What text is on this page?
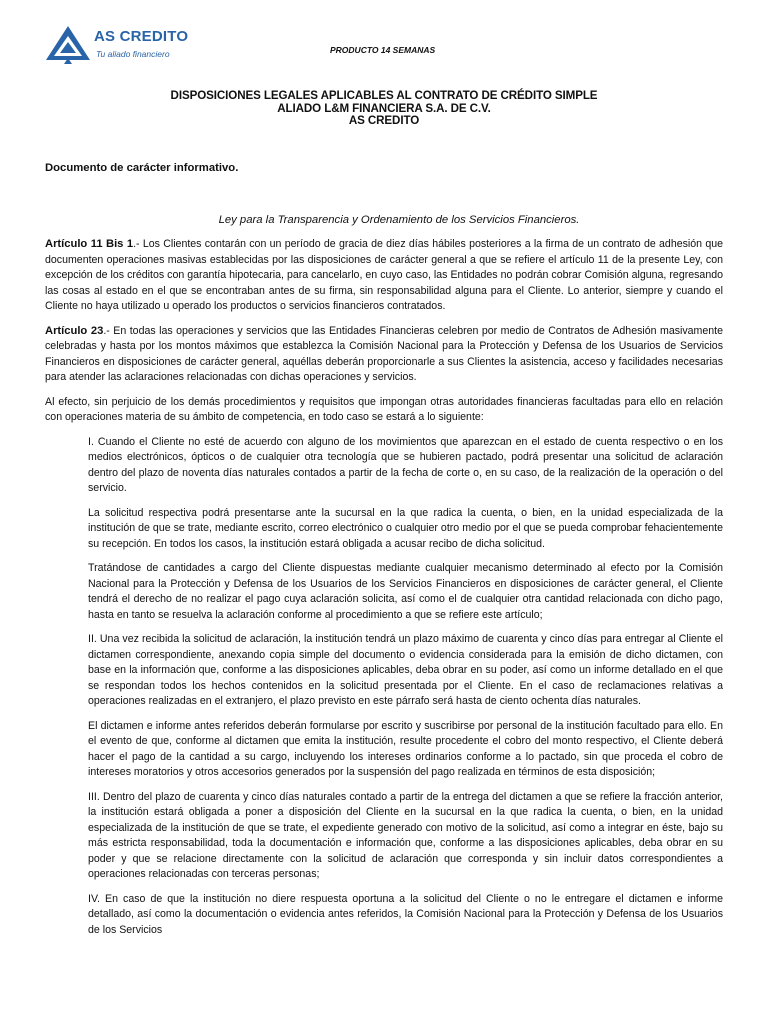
AS CREDITO
Tu aliado financiero	PRODUCTO 14 SEMANAS
DISPOSICIONES LEGALES APLICABLES AL CONTRATO DE CRÉDITO SIMPLE
ALIADO L&M FINANCIERA S.A. DE C.V.
AS CREDITO
Documento de carácter informativo.
Ley para la Transparencia y Ordenamiento de los Servicios Financieros.

Artículo 11 Bis 1.- Los Clientes contarán con un período de gracia de diez días hábiles posteriores a la firma de un contrato de adhesión que documenten operaciones masivas establecidas por las disposiciones de carácter general a que se refiere el artículo 11 de la presente Ley, con excepción de los créditos con garantía hipotecaria, para cancelarlo, en cuyo caso, las Entidades no podrán cobrar Comisión alguna, regresando las cosas al estado en el que se encontraban antes de su firma, sin responsabilidad alguna para el Cliente. Lo anterior, siempre y cuando el Cliente no haya utilizado u operado los productos o servicios financieros contratados.

Artículo 23.- En todas las operaciones y servicios que las Entidades Financieras celebren por medio de Contratos de Adhesión masivamente celebradas y hasta por los montos máximos que establezca la Comisión Nacional para la Protección y Defensa de los Usuarios de Servicios Financieros en disposiciones de carácter general, aquéllas deberán proporcionarle a sus Clientes la asistencia, acceso y facilidades necesarias para atender las aclaraciones relacionadas con dichas operaciones y servicios.

Al efecto, sin perjuicio de los demás procedimientos y requisitos que impongan otras autoridades financieras facultadas para ello en relación con operaciones materia de su ámbito de competencia, en todo caso se estará a lo siguiente:

I. Cuando el Cliente no esté de acuerdo con alguno de los movimientos que aparezcan en el estado de cuenta respectivo o en los medios electrónicos, ópticos o de cualquier otra tecnología que se hubieren pactado, podrá presentar una solicitud de aclaración dentro del plazo de noventa días naturales contados a partir de la fecha de corte o, en su caso, de la realización de la operación o del servicio.

La solicitud respectiva podrá presentarse ante la sucursal en la que radica la cuenta, o bien, en la unidad especializada de la institución de que se trate, mediante escrito, correo electrónico o cualquier otro medio por el que se pueda comprobar fehacientemente su recepción. En todos los casos, la institución estará obligada a acusar recibo de dicha solicitud.

Tratándose de cantidades a cargo del Cliente dispuestas mediante cualquier mecanismo determinado al efecto por la Comisión Nacional para la Protección y Defensa de los Usuarios de los Servicios Financieros en disposiciones de carácter general, el Cliente tendrá el derecho de no realizar el pago cuya aclaración solicita, así como el de cualquier otra cantidad relacionada con dicho pago, hasta en tanto se resuelva la aclaración conforme al procedimiento a que se refiere este artículo;

II. Una vez recibida la solicitud de aclaración, la institución tendrá un plazo máximo de cuarenta y cinco días para entregar al Cliente el dictamen correspondiente, anexando copia simple del documento o evidencia considerada para la emisión de dicho dictamen, con base en la información que, conforme a las disposiciones aplicables, deba obrar en su poder, así como un informe detallado en el que se respondan todos los hechos contenidos en la solicitud presentada por el Cliente. En el caso de reclamaciones relativas a operaciones realizadas en el extranjero, el plazo previsto en este párrafo será hasta de ciento ochenta días naturales.

El dictamen e informe antes referidos deberán formularse por escrito y suscribirse por personal de la institución facultado para ello. En el evento de que, conforme al dictamen que emita la institución, resulte procedente el cobro del monto respectivo, el Cliente deberá hacer el pago de la cantidad a su cargo, incluyendo los intereses ordinarios conforme a lo pactado, sin que proceda el cobro de intereses moratorios y otros accesorios generados por la suspensión del pago realizada en términos de esta disposición;

III. Dentro del plazo de cuarenta y cinco días naturales contado a partir de la entrega del dictamen a que se refiere la fracción anterior, la institución estará obligada a poner a disposición del Cliente en la sucursal en la que radica la cuenta, o bien, en la unidad especializada de la institución de que se trate, el expediente generado con motivo de la solicitud, así como a integrar en éste, bajo su más estricta responsabilidad, toda la documentación e información que, conforme a las disposiciones aplicables, deba obrar en su poder y que se relacione directamente con la solicitud de aclaración que corresponda y sin incluir datos correspondientes a operaciones relacionadas con terceras personas;

IV. En caso de que la institución no diere respuesta oportuna a la solicitud del Cliente o no le entregare el dictamen e informe detallado, así como la documentación o evidencia antes referidos, la Comisión Nacional para la Protección y Defensa de los Usuarios de los Servicios
